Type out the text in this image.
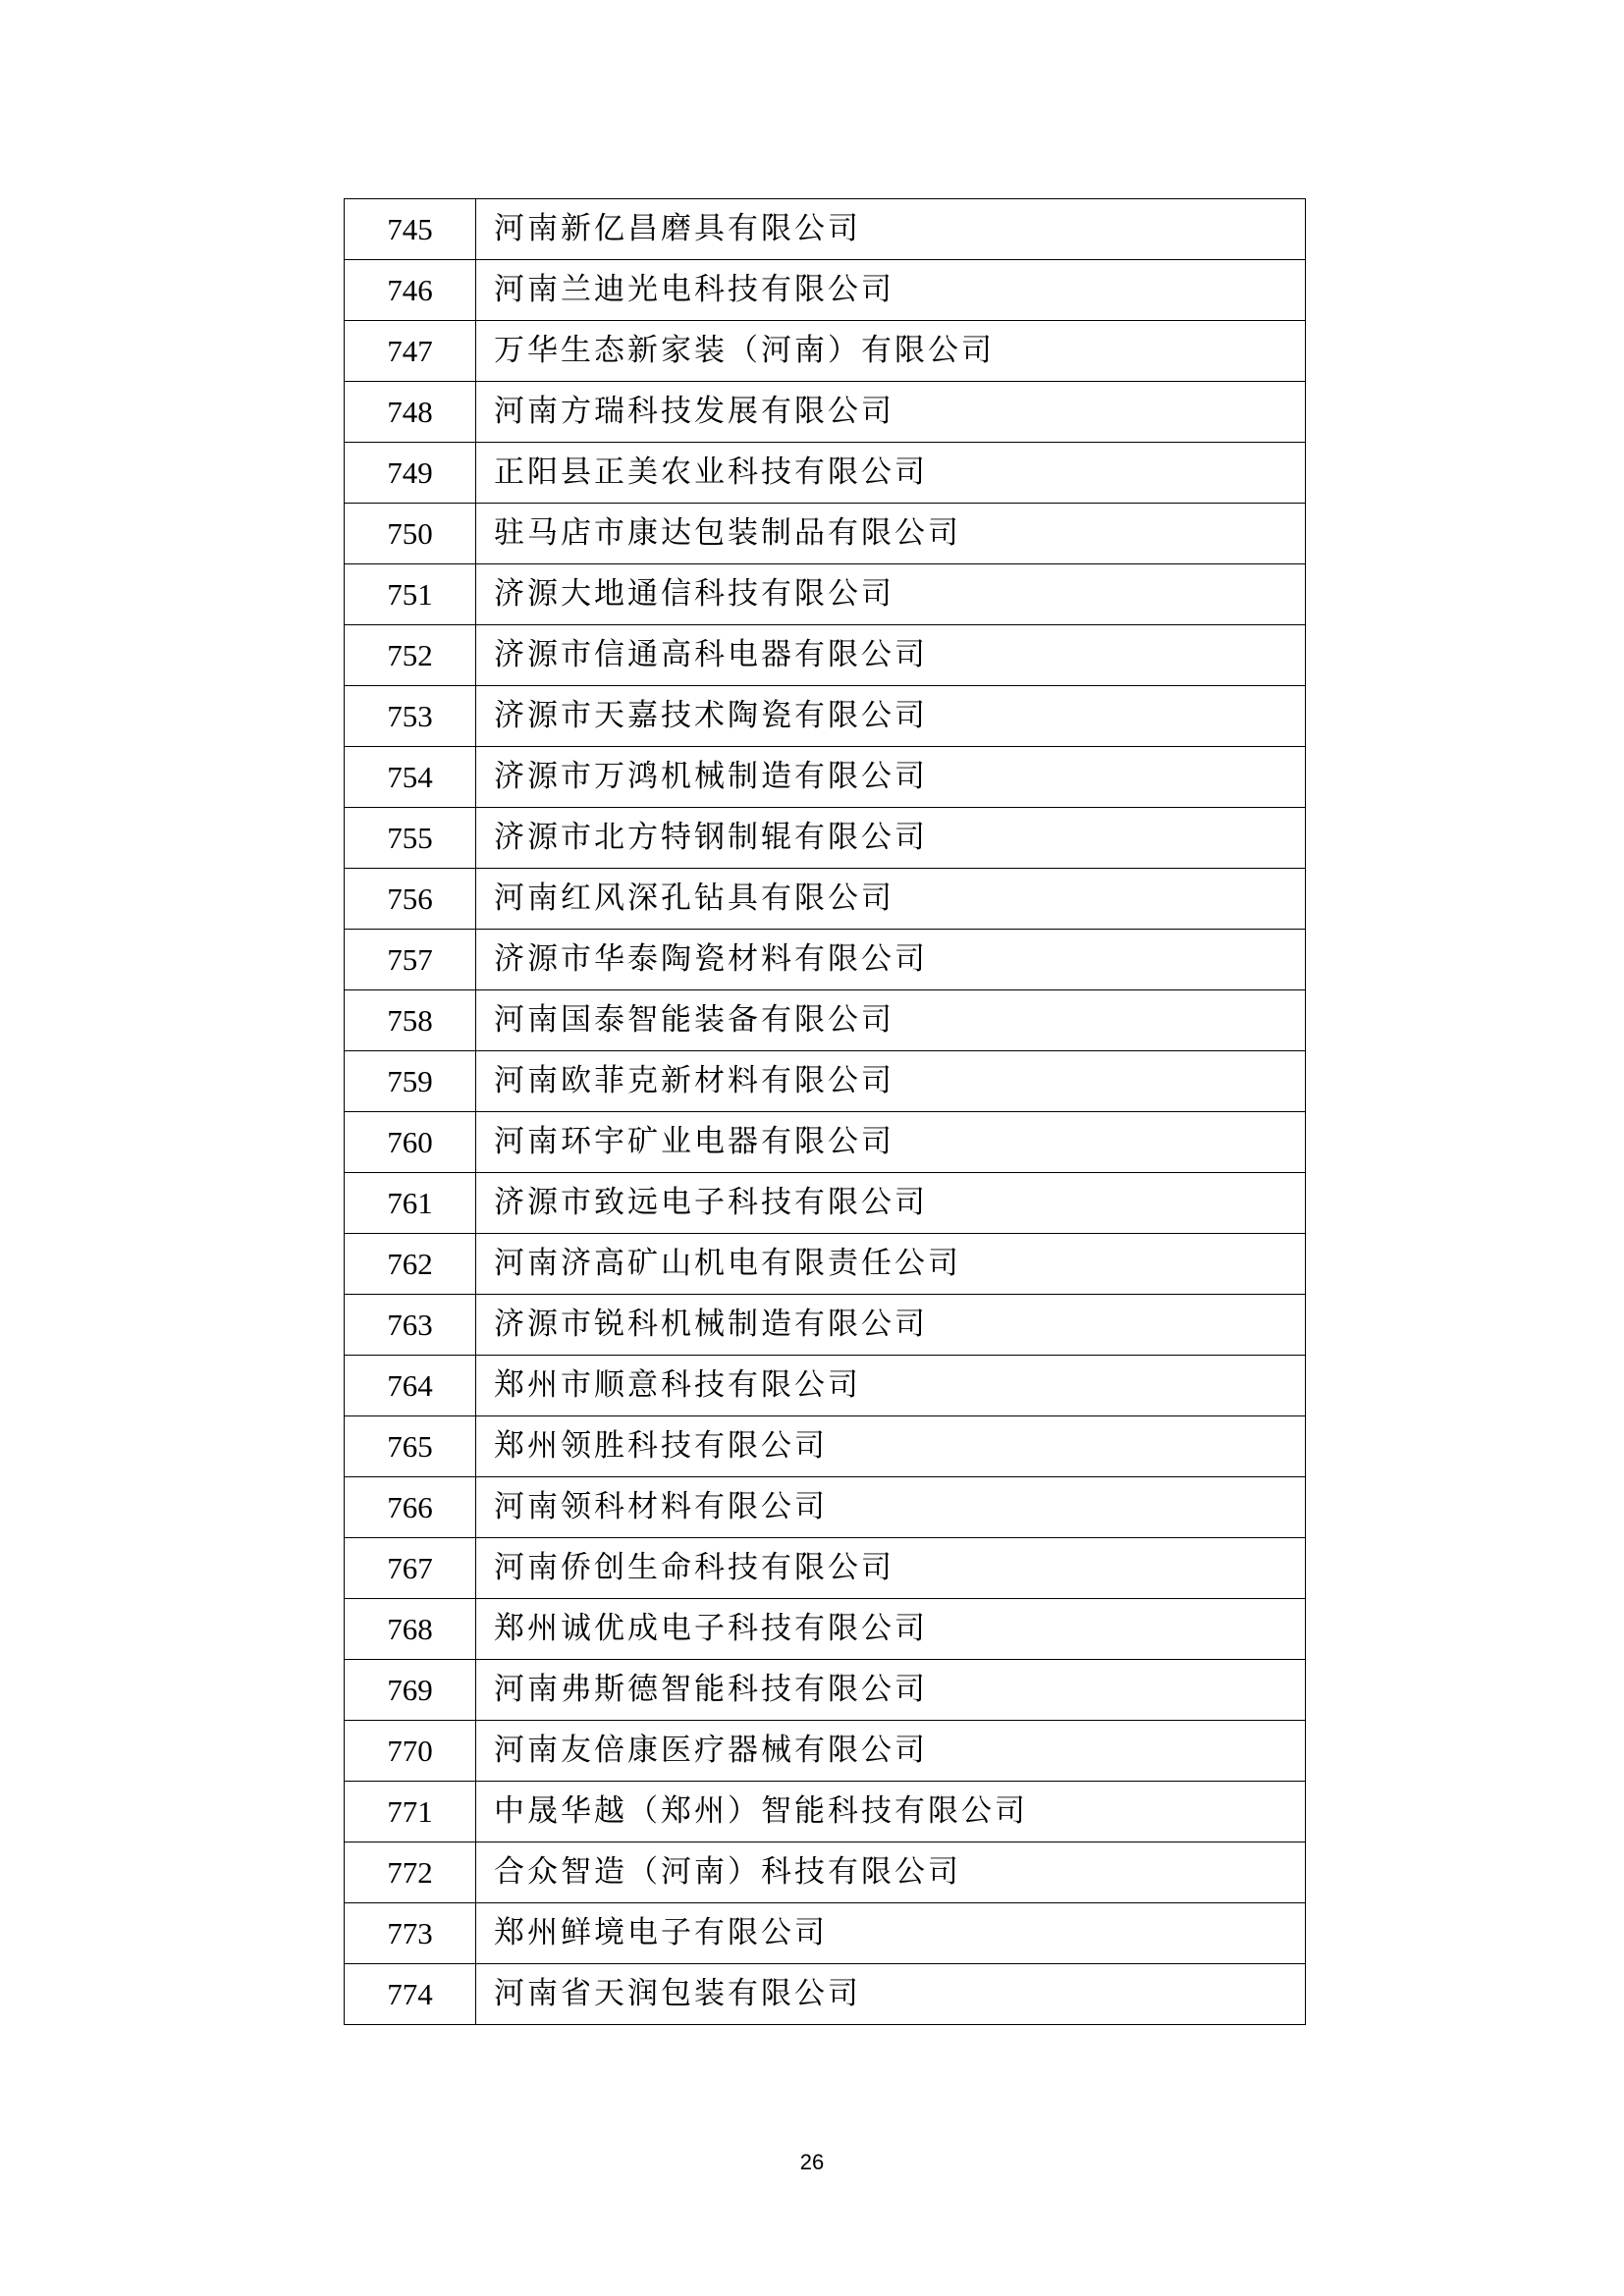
745	河南新亿昌磨具有限公司
746	河南兰迪光电科技有限公司
747	万华生态新家装（河南）有限公司
748	河南方瑞科技发展有限公司
749	正阳县正美农业科技有限公司
750	驻马店市康达包装制品有限公司
751	济源大地通信科技有限公司
752	济源市信通高科电器有限公司
753	济源市天嘉技术陶瓷有限公司
754	济源市万鸿机械制造有限公司
755	济源市北方特钢制辊有限公司
756	河南红风深孔钻具有限公司
757	济源市华泰陶瓷材料有限公司
758	河南国泰智能装备有限公司
759	河南欧菲克新材料有限公司
760	河南环宇矿业电器有限公司
761	济源市致远电子科技有限公司
762	河南济高矿山机电有限责任公司
763	济源市锐科机械制造有限公司
764	郑州市顺意科技有限公司
765	郑州领胜科技有限公司
766	河南领科材料有限公司
767	河南侨创生命科技有限公司
768	郑州诚优成电子科技有限公司
769	河南弗斯德智能科技有限公司
770	河南友倍康医疗器械有限公司
771	中晟华越（郑州）智能科技有限公司
772	合众智造（河南）科技有限公司
773	郑州鲜境电子有限公司
774	河南省天润包装有限公司
26
